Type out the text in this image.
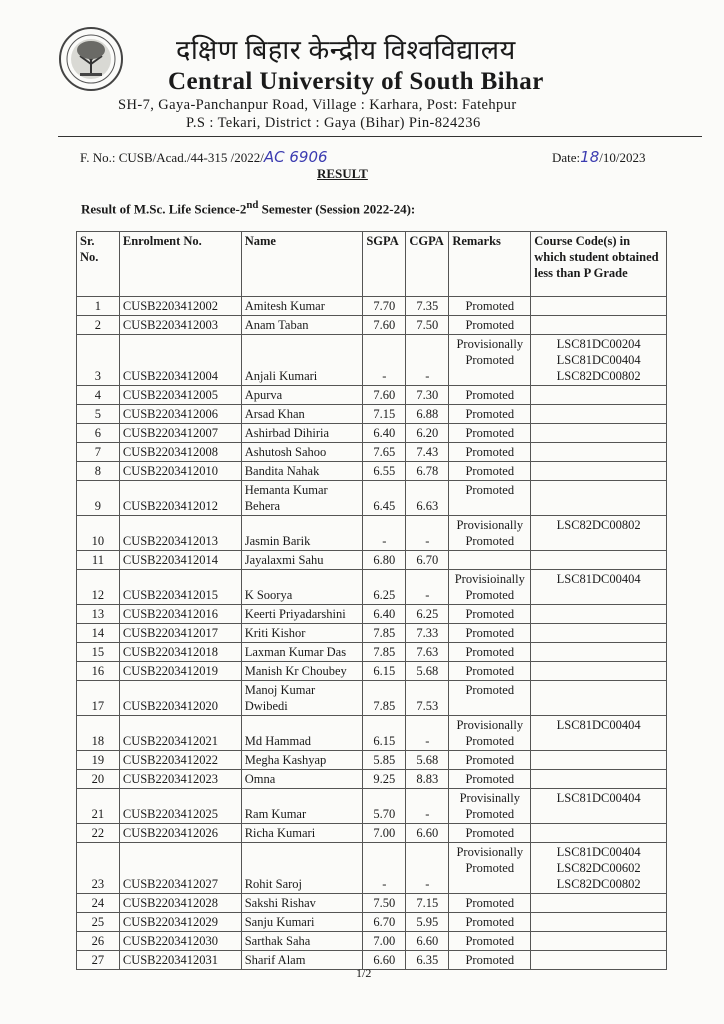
दक्षिण बिहार केन्द्रीय विश्वविद्यालय
Central University of South Bihar
SH-7, Gaya-Panchanpur Road, Village : Karhara, Post: Fatehpur
P.S : Tekari, District : Gaya (Bihar) Pin-824236
F. No.: CUSB/Acad./44-315 /2022/AC 6906	Date:18/10/2023
RESULT
Result of M.Sc. Life Science-2nd Semester (Session 2022-24):
Sr. No.	Enrolment No.	Name	SGPA	CGPA	Remarks	Course Code(s) in which student obtained less than P Grade
1	CUSB2203412002	Amitesh Kumar	7.70	7.35	Promoted	
2	CUSB2203412003	Anam Taban	7.60	7.50	Promoted	
3	CUSB2203412004	Anjali Kumari	-	-	Provisionally Promoted	LSC81DC00204
LSC81DC00404
LSC82DC00802
4	CUSB2203412005	Apurva	7.60	7.30	Promoted	
5	CUSB2203412006	Arsad Khan	7.15	6.88	Promoted	
6	CUSB2203412007	Ashirbad Dihiria	6.40	6.20	Promoted	
7	CUSB2203412008	Ashutosh Sahoo	7.65	7.43	Promoted	
8	CUSB2203412010	Bandita Nahak	6.55	6.78	Promoted	
9	CUSB2203412012	Hemanta Kumar Behera	6.45	6.63	Promoted	
10	CUSB2203412013	Jasmin Barik	-	-	Provisionally Promoted	LSC82DC00802
11	CUSB2203412014	Jayalaxmi Sahu	6.80	6.70		
12	CUSB2203412015	K Soorya	6.25	-	Provisioinally Promoted	LSC81DC00404
13	CUSB2203412016	Keerti Priyadarshini	6.40	6.25	Promoted	
14	CUSB2203412017	Kriti Kishor	7.85	7.33	Promoted	
15	CUSB2203412018	Laxman Kumar Das	7.85	7.63	Promoted	
16	CUSB2203412019	Manish Kr Choubey	6.15	5.68	Promoted	
17	CUSB2203412020	Manoj Kumar Dwibedi	7.85	7.53	Promoted	
18	CUSB2203412021	Md Hammad	6.15	-	Provisionally Promoted	LSC81DC00404
19	CUSB2203412022	Megha Kashyap	5.85	5.68	Promoted	
20	CUSB2203412023	Omna	9.25	8.83	Promoted	
21	CUSB2203412025	Ram Kumar	5.70	-	Provisinally Promoted	LSC81DC00404
22	CUSB2203412026	Richa Kumari	7.00	6.60	Promoted	
23	CUSB2203412027	Rohit Saroj	-	-	Provisionally Promoted	LSC81DC00404
LSC82DC00602
LSC82DC00802
24	CUSB2203412028	Sakshi Rishav	7.50	7.15	Promoted	
25	CUSB2203412029	Sanju Kumari	6.70	5.95	Promoted	
26	CUSB2203412030	Sarthak Saha	7.00	6.60	Promoted	
27	CUSB2203412031	Sharif Alam	6.60	6.35	Promoted	
1/2
